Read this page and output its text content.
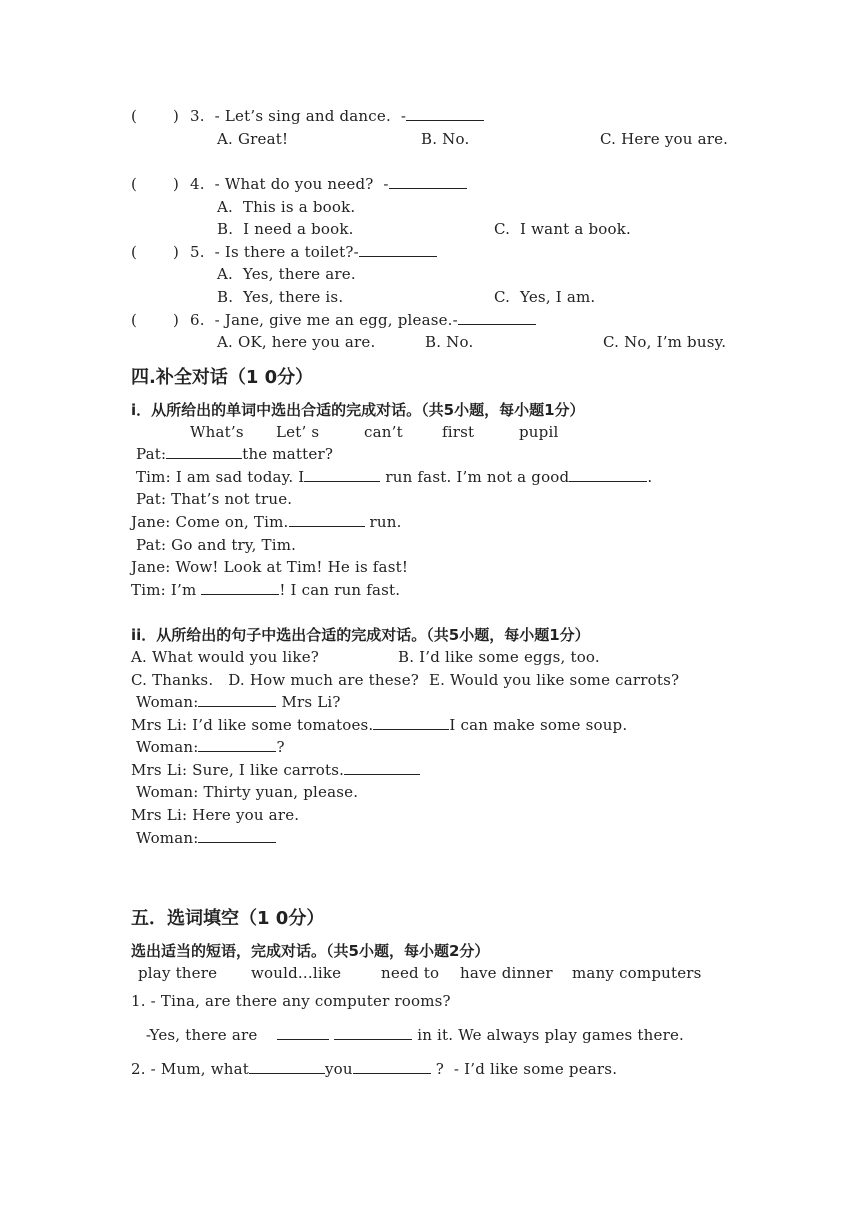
( ) 3.  - Let’s sing and dance.  -
A. Great!	B. No.	C. Here you are.
( ) 4.  - What do you need?  -
A.  This is a book.
B.  I need a book.	C.  I want a book.
( ) 5.  - Is there a toilet?-
A.  Yes, there are.
B.  Yes, there is.	C.  Yes, I am.
( ) 6.  - Jane, give me an egg, please.-
A. OK, here you are.	B. No.	C. No, I’m busy.
四.补全对话（1 0分）
i．从所给出的单词中选出合适的完成对话。（共5小题，每小题1分）
What’s Let’ s	can’t	first	pupil
Pat:	the matter?
Tim: I am sad today. I	run fast. I’m not a good	.
Pat: That’s not true.
Jane: Come on, Tim.	run.
Pat: Go and try, Tim.
Jane: Wow! Look at Tim! He is fast!
Tim: I’m	! I can run fast.
ii．从所给出的句子中选出合适的完成对话。（共5小题，每小题1分）
A. What would you like?	B. I’d like some eggs, too.
C. Thanks.   D. How much are these?  E. Would you like some carrots?
Woman:	Mrs Li?
Mrs Li: I’d like some tomatoes.	I can make some soup.
Woman:	?
Mrs Li: Sure, I like carrots.
Woman: Thirty yuan, please.
Mrs Li: Here you are.
Woman:
五．选词填空（1 0分）
选出适当的短语，完成对话。（共5小题，每小题2分）
play there would...like	need to have dinner many computers
1. - Tina, are there any computer rooms?
-Yes, there are	in it. We always play games there.
2. - Mum, what	you	?  - I’d like some pears.
